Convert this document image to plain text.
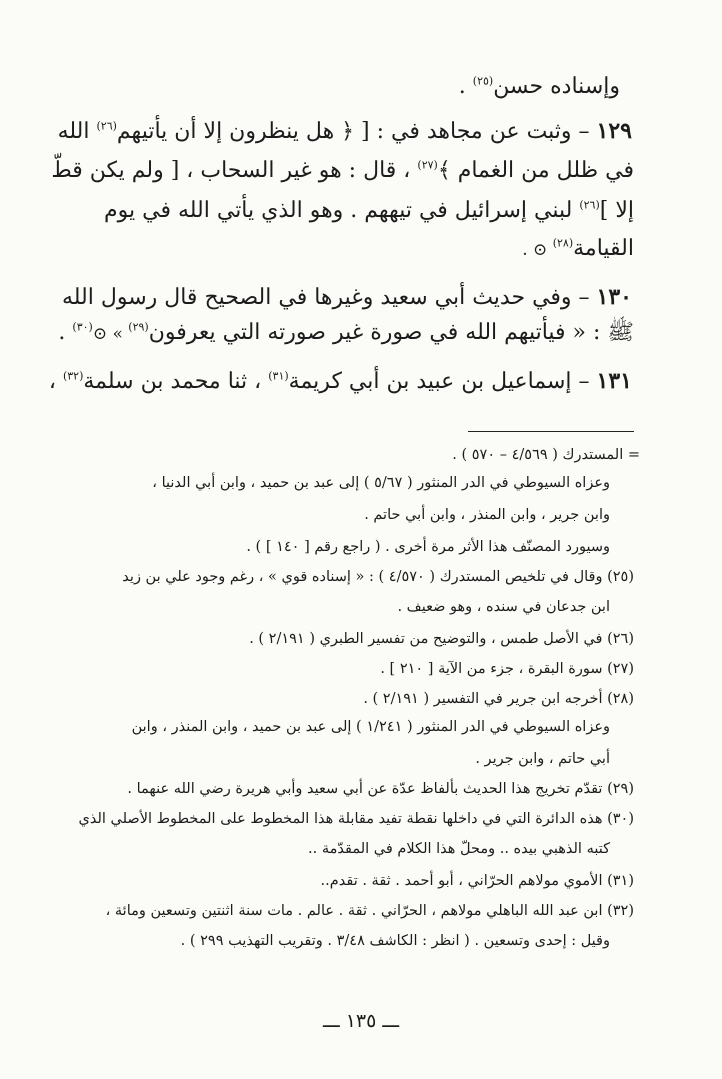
وإسناده حسن$^{(٢٥)}$ .
١٢٩ – وثبت عن مجاهد في : [ ﴿ هل ينظرون إلا أن يأتيهم$^{(٢٦)}$ الله
في ظلل من الغمام ﴾$^{(٢٧)}$ ، قال : هو غير السحاب ، [ ولم يكن قطّ
إلا ]$^{(٢٦)}$ لبني إسرائيل في تيههم . وهو الذي يأتي الله في يوم
القيامة$^{(٢٨)}$ ⊙ .
١٣٠ – وفي حديث أبي سعيد وغيرها في الصحيح قال رسول الله
ﷺ : « فيأتيهم الله في صورة غير صورته التي يعرفون$^{(٢٩)}$ » ⊙$^{(٣٠)}$ .
١٣١ – إسماعيل بن عبيد بن أبي كريمة$^{(٣١)}$ ، ثنا محمد بن سلمة$^{(٣٢)}$ ،
= المستدرك ( ٤/٥٦٩ – ٥٧٠ ) .
وعزاه السيوطي في الدر المنثور ( ٥/٦٧ ) إلى عبد بن حميد ، وابن أبي الدنيا ،
وابن جرير ، وابن المنذر ، وابن أبي حاتم .
وسيورد المصنّف هذا الأثر مرة أخرى . ( راجع رقم [ ١٤٠ ] ) .
(٢٥) وقال في تلخيص المستدرك ( ٤/٥٧٠ ) : « إسناده قوي » ، رغم وجود علي بن زيد
ابن جدعان في سنده ، وهو ضعيف .
(٢٦) في الأصل طمس ، والتوضيح من تفسير الطبري ( ٢/١٩١ ) .
(٢٧) سورة البقرة ، جزء من الآية [ ٢١٠ ] .
(٢٨) أخرجه ابن جرير في التفسير ( ٢/١٩١ ) .
وعزاه السيوطي في الدر المنثور ( ١/٢٤١ ) إلى عبد بن حميد ، وابن المنذر ، وابن
أبي حاتم ، وابن جرير .
(٢٩) تقدّم تخريج هذا الحديث بألفاظ عدّة عن أبي سعيد وأبي هريرة رضي الله عنهما .
(٣٠) هذه الدائرة التي في داخلها نقطة تفيد مقابلة هذا المخطوط على المخطوط الأصلي الذي
كتبه الذهبي بيده .. ومحلّ هذا الكلام في المقدّمة ..
(٣١) الأموي مولاهم الحرّاني ، أبو أحمد . ثقة . تقدم..
(٣٢) ابن عبد الله الباهلي مولاهم ، الحرّاني . ثقة . عالم . مات سنة اثنتين وتسعين ومائة ،
وقيل : إحدى وتسعين . ( انظر : الكاشف ٣/٤٨ . وتقريب التهذيب ٢٩٩ ) .
ـــ ١٣٥ ـــ
